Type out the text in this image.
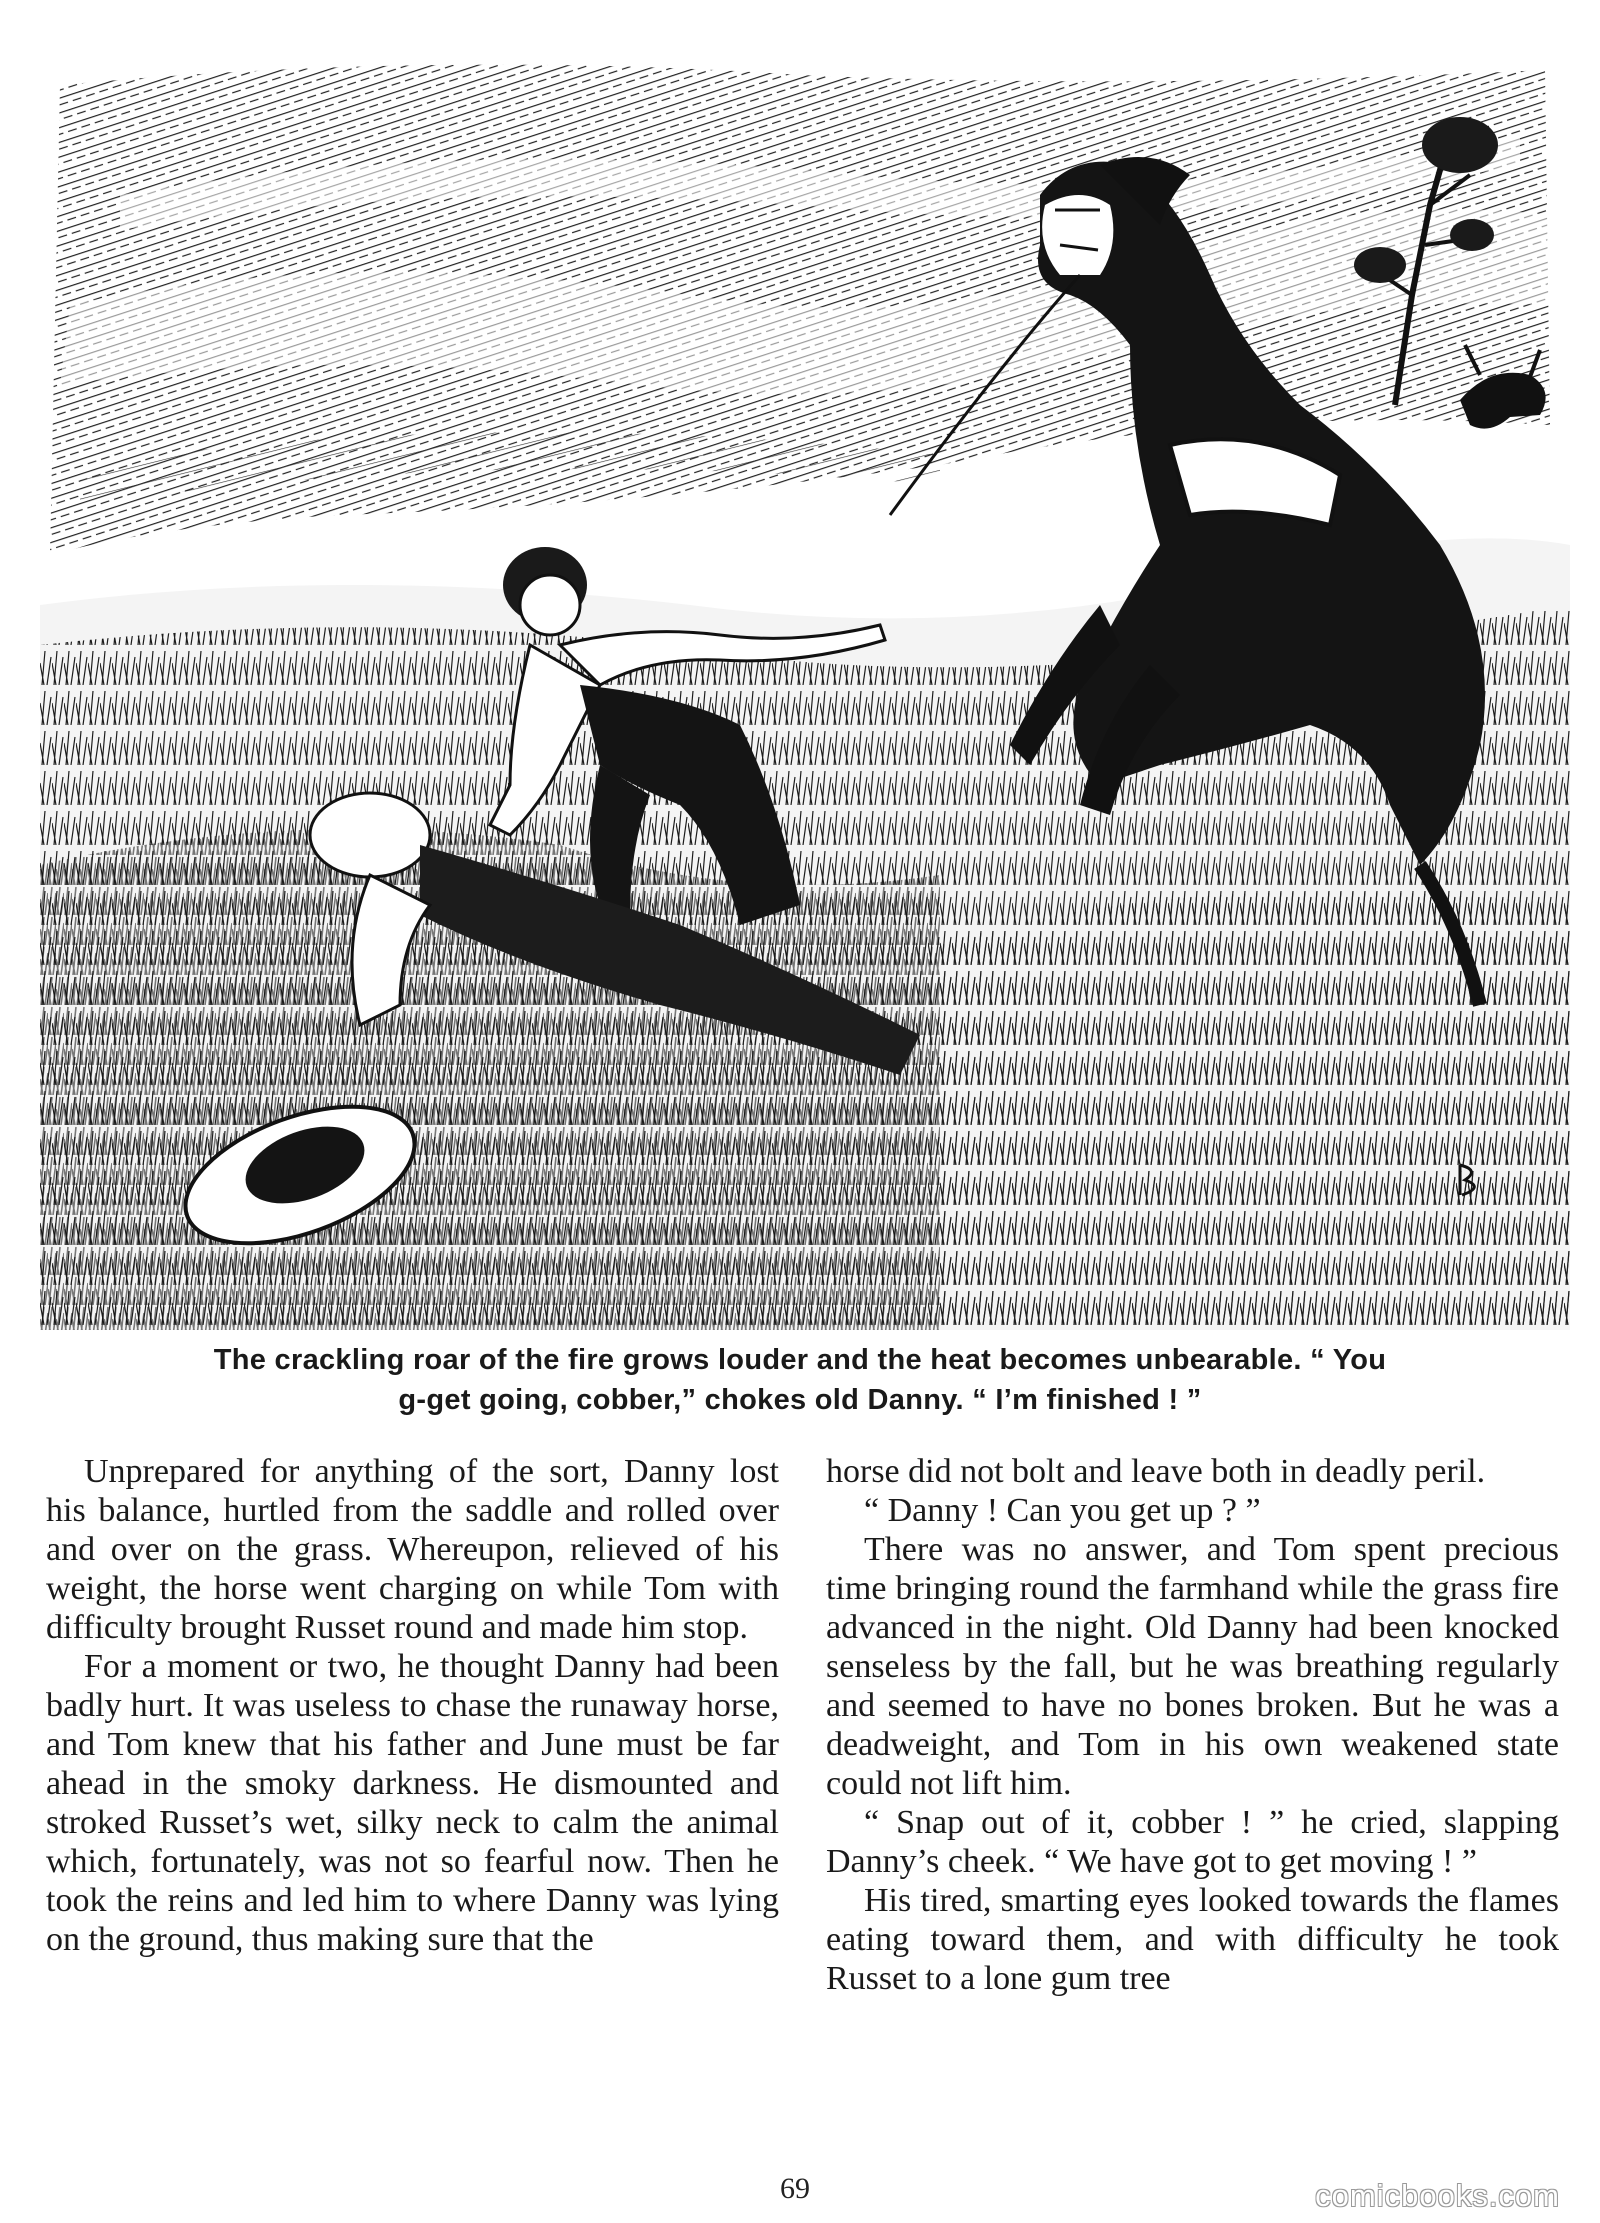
The crackling roar of the fire grows louder and the heat becomes unbearable. “ You
g-get going, cobber,” chokes old Danny. “ I’m finished ! ”

Unprepared for anything of the sort, Danny lost his balance, hurtled from the saddle and rolled over and over on the grass. Whereupon, relieved of his weight, the horse went charging on while Tom with difficulty brought Russet round and made him stop.

For a moment or two, he thought Danny had been badly hurt. It was useless to chase the runaway horse, and Tom knew that his father and June must be far ahead in the smoky darkness. He dismounted and stroked Russet’s wet, silky neck to calm the animal which, fortunately, was not so fearful now. Then he took the reins and led him to where Danny was lying on the ground, thus making sure that the

horse did not bolt and leave both in deadly peril.

“ Danny ! Can you get up ? ”

There was no answer, and Tom spent precious time bringing round the farmhand while the grass fire advanced in the night. Old Danny had been knocked senseless by the fall, but he was breathing regularly and seemed to have no bones broken. But he was a deadweight, and Tom in his own weakened state could not lift him.

“ Snap out of it, cobber ! ” he cried, slapping Danny’s cheek. “ We have got to get moving ! ”

His tired, smarting eyes looked towards the flames eating toward them, and with difficulty he took Russet to a lone gum tree

69	comicbooks.com
